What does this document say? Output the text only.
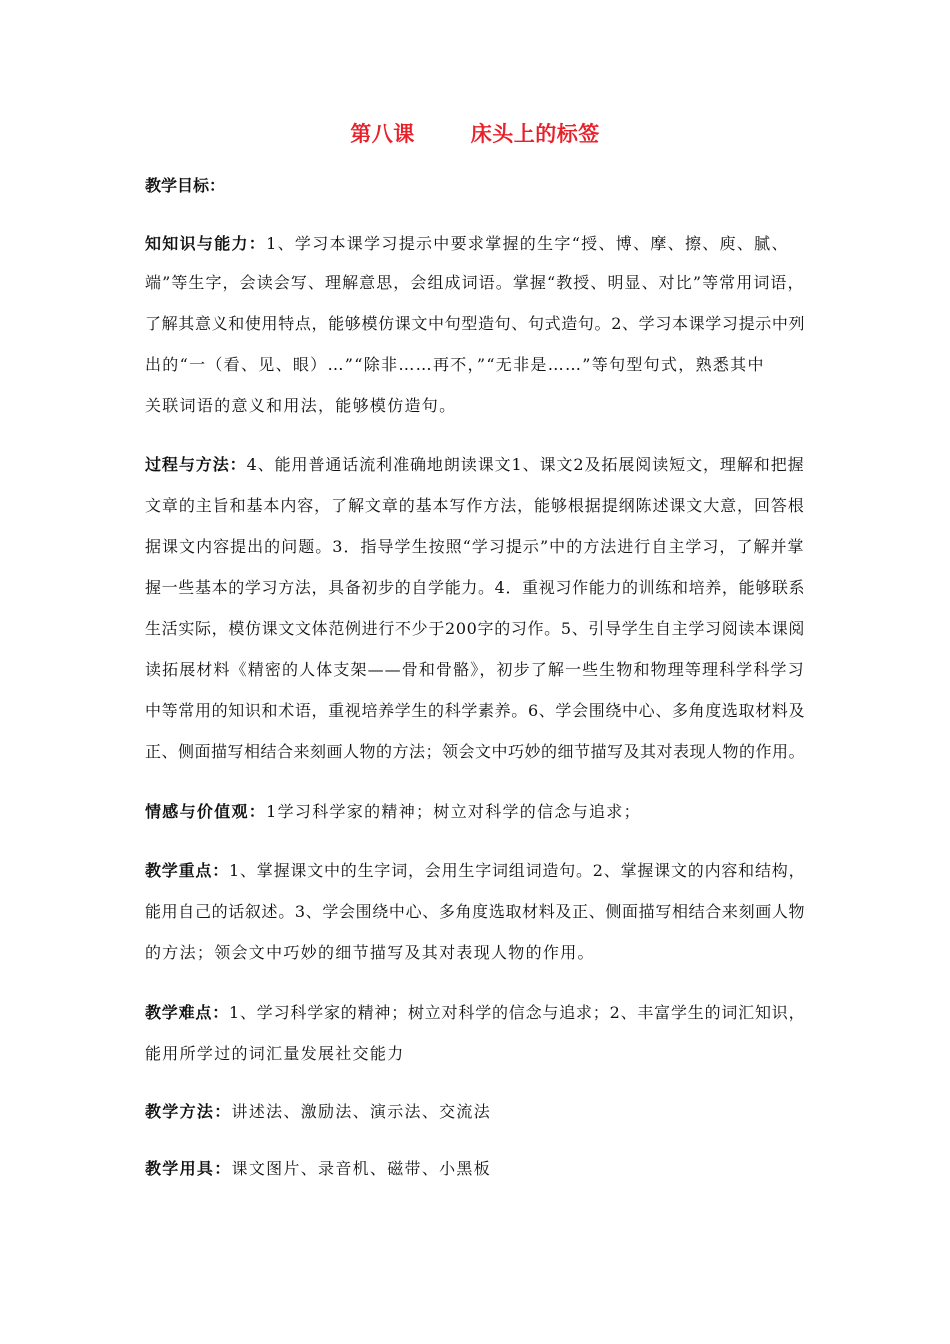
第八课	床头上的标签
教学目标：
知知识与能力：1、学习本课学习提示中要求掌握的生字“授、博、摩、擦、庾、腻、
端”等生字，会读会写、理解意思，会组成词语。掌握“教授、明显、对比”等常用词语，
了解其意义和使用特点，能够模仿课文中句型造句、句式造句。2、学习本课学习提示中列
出的“一（看、见、眼）…”“除非……再不，”“无非是……”等句型句式，熟悉其中
关联词语的意义和用法，能够模仿造句。
过程与方法：4、能用普通话流利准确地朗读课文1、课文2及拓展阅读短文，理解和把握
文章的主旨和基本内容，了解文章的基本写作方法，能够根据提纲陈述课文大意，回答根
据课文内容提出的问题。3．指导学生按照“学习提示”中的方法进行自主学习，了解并掌
握一些基本的学习方法，具备初步的自学能力。4．重视习作能力的训练和培养，能够联系
生活实际，模仿课文文体范例进行不少于200字的习作。5、引导学生自主学习阅读本课阅
读拓展材料《精密的人体支架——骨和骨骼》，初步了解一些生物和物理等理科学科学习
中等常用的知识和术语，重视培养学生的科学素养。6、学会围绕中心、多角度选取材料及
正、侧面描写相结合来刻画人物的方法；领会文中巧妙的细节描写及其对表现人物的作用。
情感与价值观：1学习科学家的精神；树立对科学的信念与追求；
教学重点：1、掌握课文中的生字词，会用生字词组词造句。2、掌握课文的内容和结构，
能用自己的话叙述。3、学会围绕中心、多角度选取材料及正、侧面描写相结合来刻画人物
的方法；领会文中巧妙的细节描写及其对表现人物的作用。
教学难点：1、学习科学家的精神；树立对科学的信念与追求；2、丰富学生的词汇知识，
能用所学过的词汇量发展社交能力
教学方法：讲述法、激励法、演示法、交流法
教学用具：课文图片、录音机、磁带、小黑板
